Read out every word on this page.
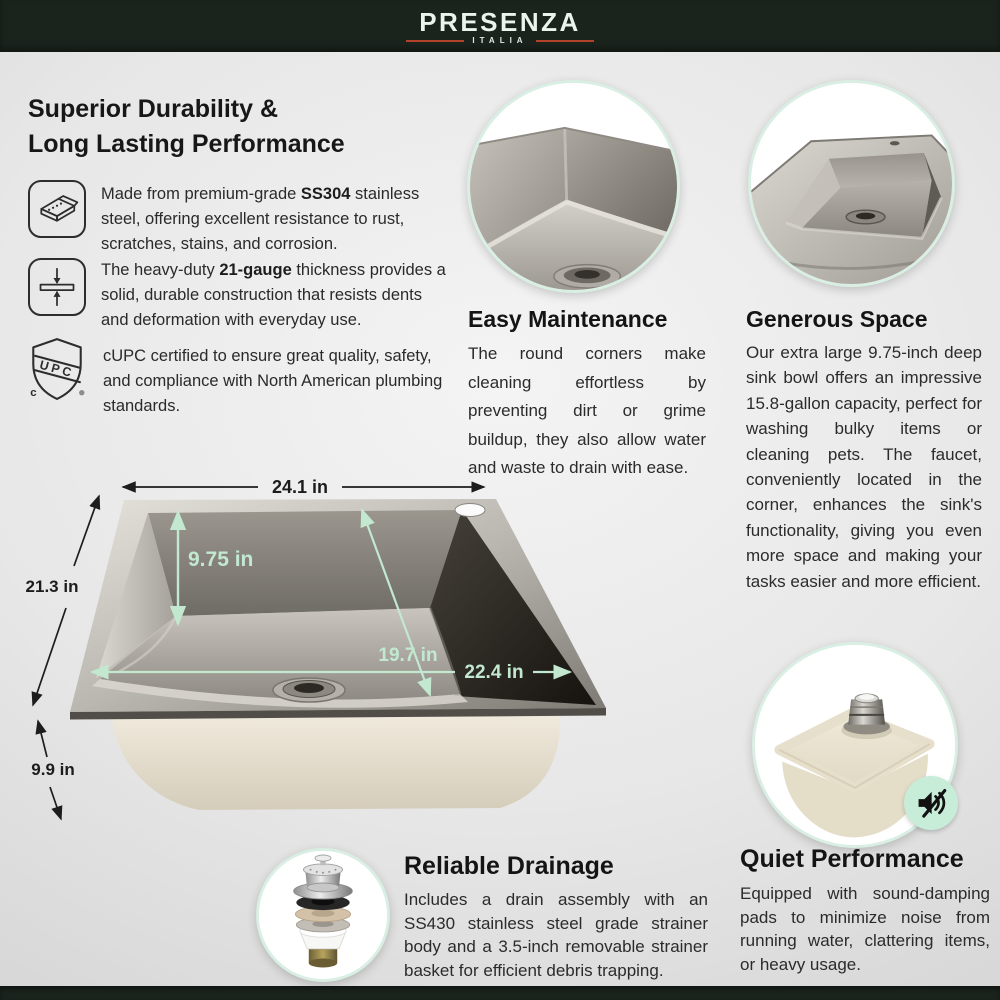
PRESENZA
ITALIA
Superior Durability &
Long Lasting Performance
Made from premium-grade SS304 stainless steel, offering excellent resistance to rust, scratches, stains, and corrosion.
The heavy-duty 21-gauge thickness provides a solid, durable construction that resists dents and deformation with everyday use.
UPC
c
cUPC certified to ensure great quality, safety, and compliance with North American plumbing standards.
Easy Maintenance
The round corners make cleaning effortless by preventing dirt or grime buildup, they also allow water and waste to drain with ease.
Generous Space
Our extra large 9.75-inch deep sink bowl offers an impressive 15.8-gallon capacity, perfect for washing bulky items or cleaning pets. The faucet, conveniently located in the corner, enhances the sink's functionality, giving you even more space and making your tasks easier and more efficient.
24.1 in
21.3 in
9.9 in
9.75 in
19.7 in
22.4 in
Reliable Drainage
Includes a drain assembly with an SS430 stainless steel grade strainer body and a 3.5-inch removable strainer basket for efficient debris trapping.
Quiet Performance
Equipped with sound-damping pads to minimize noise from running water, clattering items, or heavy usage.
